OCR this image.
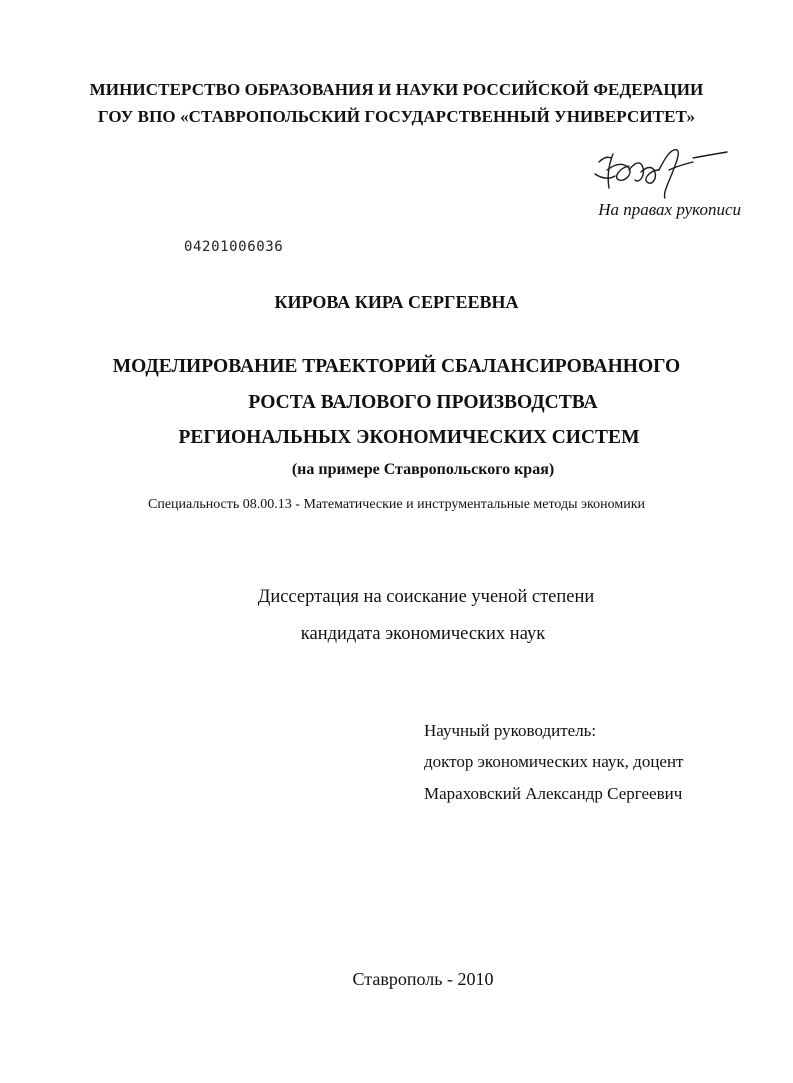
МИНИСТЕРСТВО ОБРАЗОВАНИЯ И НАУКИ РОССИЙСКОЙ ФЕДЕРАЦИИ
ГОУ ВПО «СТАВРОПОЛЬСКИЙ ГОСУДАРСТВЕННЫЙ УНИВЕРСИТЕТ»
На правах рукописи
04201006036
КИРОВА КИРА СЕРГЕЕВНА
МОДЕЛИРОВАНИЕ ТРАЕКТОРИЙ СБАЛАНСИРОВАННОГО
РОСТА ВАЛОВОГО ПРОИЗВОДСТВА
РЕГИОНАЛЬНЫХ ЭКОНОМИЧЕСКИХ СИСТЕМ
(на примере Ставропольского края)
Специальность 08.00.13 - Математические и инструментальные методы экономики
Диссертация на соискание ученой степени
кандидата экономических наук
Научный руководитель:
доктор экономических наук, доцент
Мараховский Александр Сергеевич
Ставрополь - 2010
